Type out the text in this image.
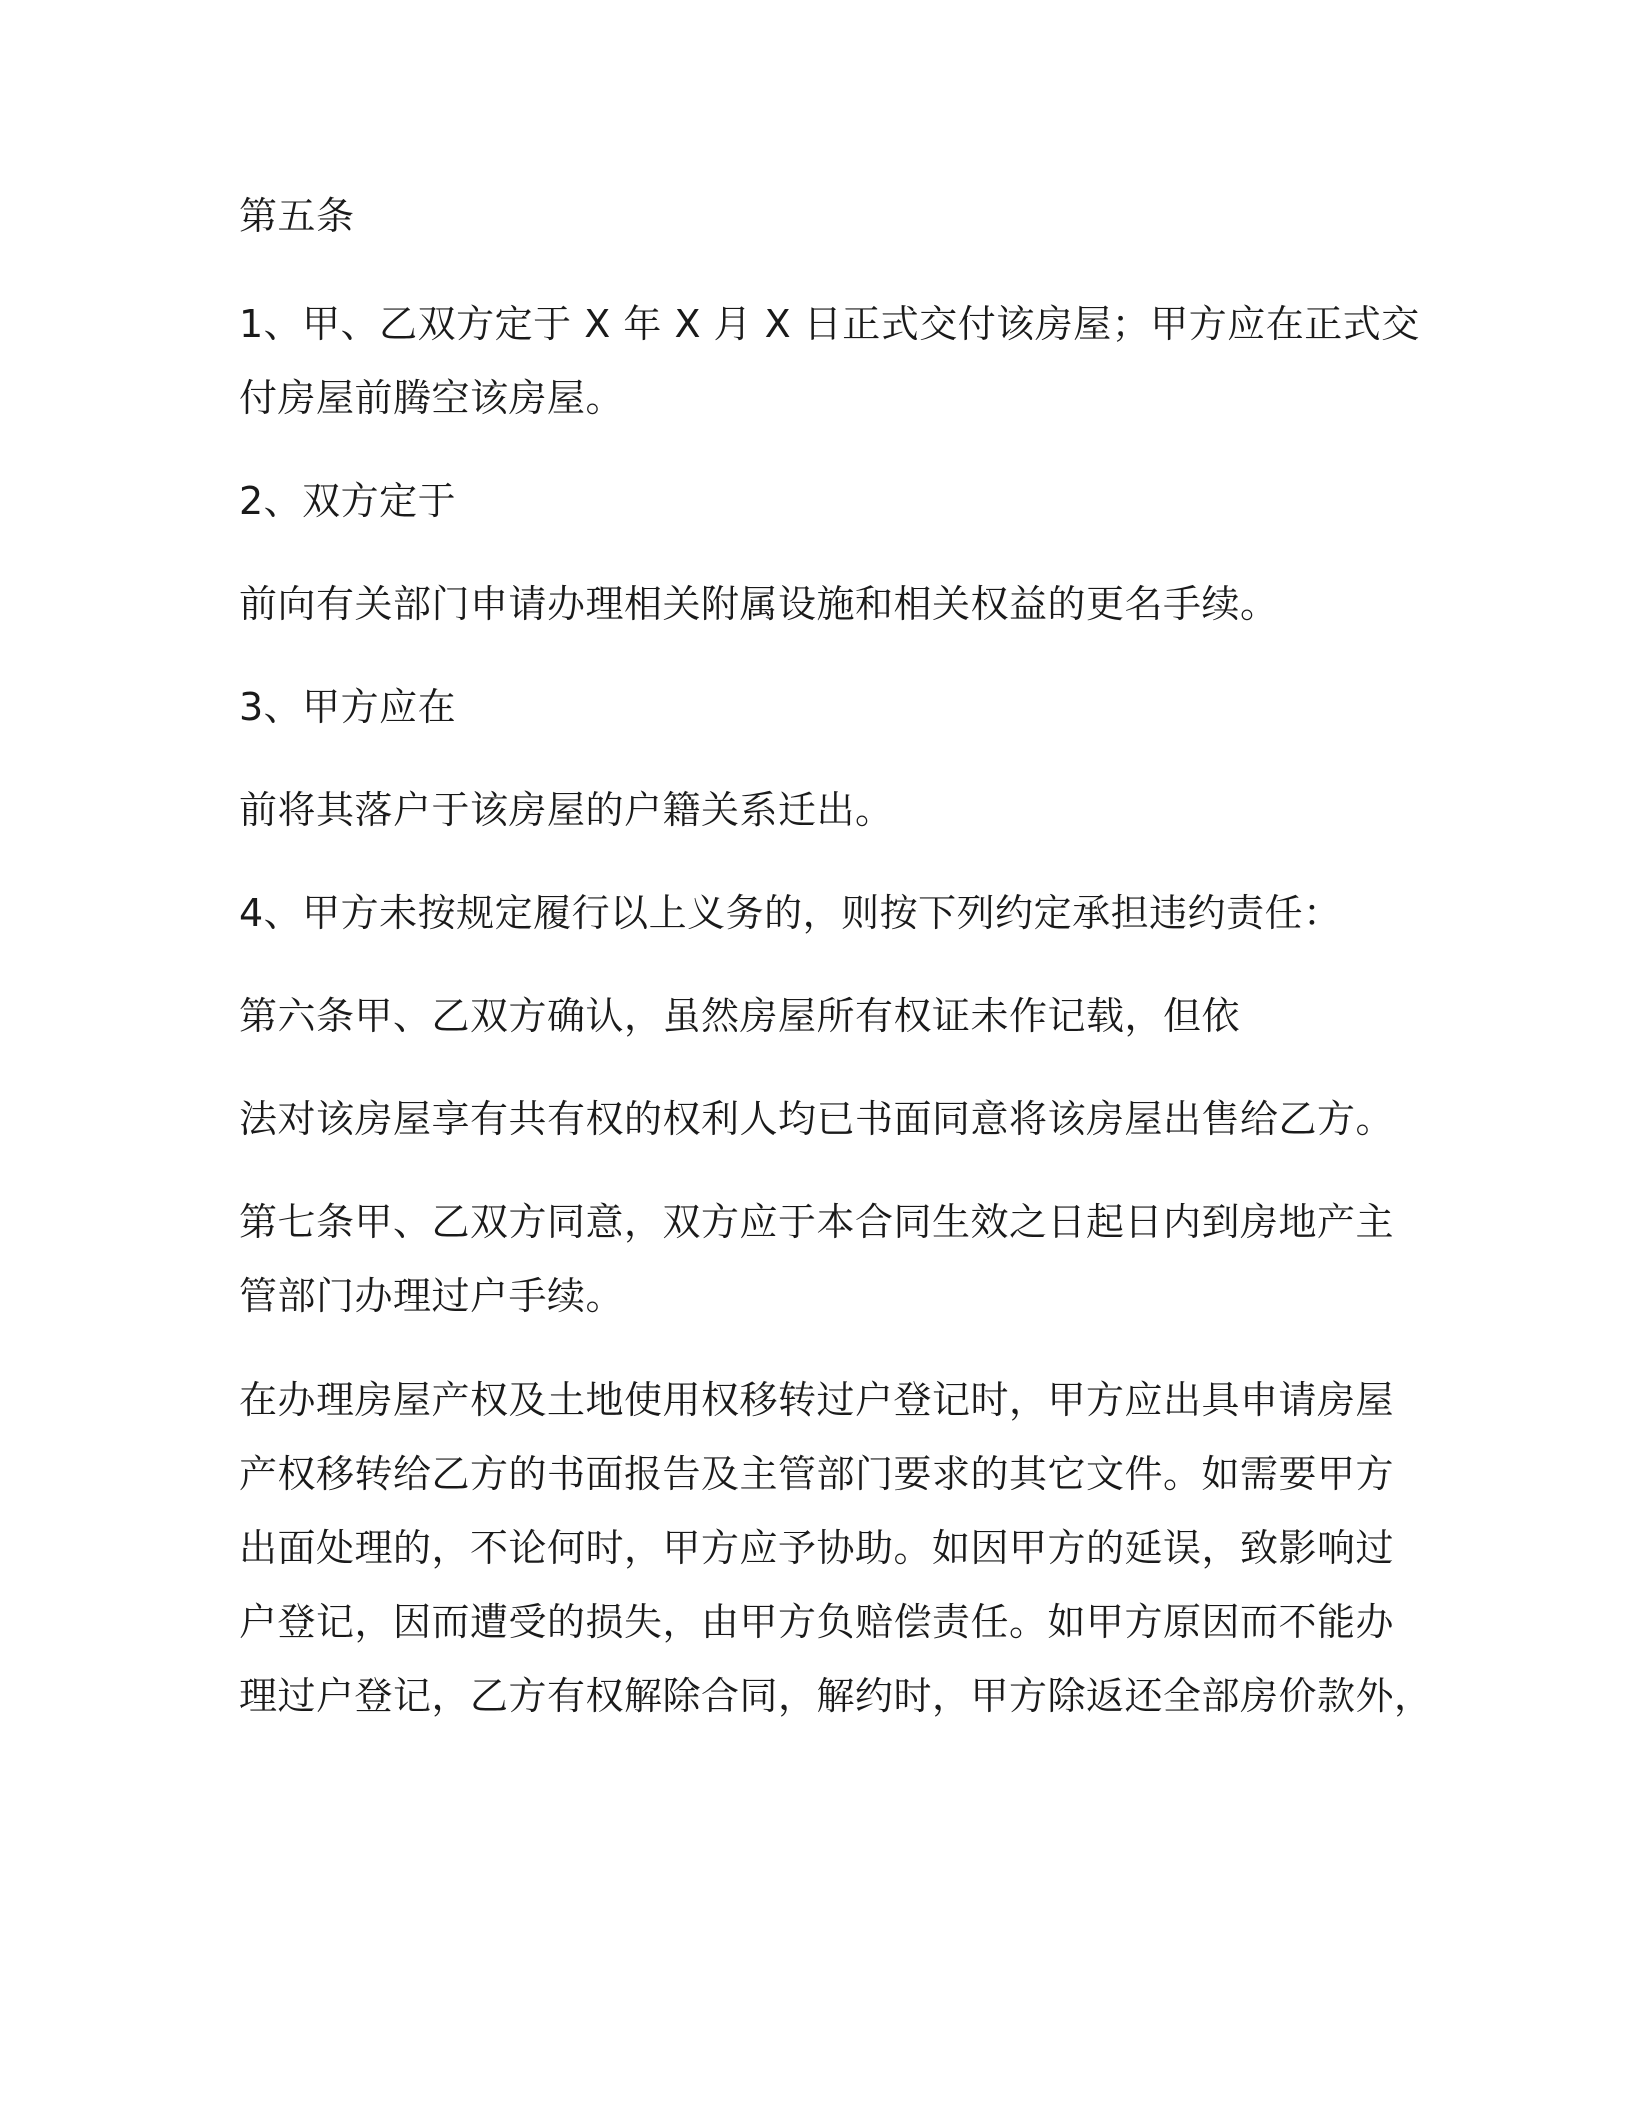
第五条
1、甲、乙双方定于 X 年 X 月 X 日正式交付该房屋；甲方应在正式交
付房屋前腾空该房屋。
2、双方定于
前向有关部门申请办理相关附属设施和相关权益的更名手续。
3、甲方应在
前将其落户于该房屋的户籍关系迁出。
4、甲方未按规定履行以上义务的，则按下列约定承担违约责任：
第六条甲、乙双方确认，虽然房屋所有权证未作记载，但依
法对该房屋享有共有权的权利人均已书面同意将该房屋出售给乙方。
第七条甲、乙双方同意，双方应于本合同生效之日起日内到房地产主
管部门办理过户手续。
在办理房屋产权及土地使用权移转过户登记时，甲方应出具申请房屋
产权移转给乙方的书面报告及主管部门要求的其它文件。如需要甲方
出面处理的，不论何时，甲方应予协助。如因甲方的延误，致影响过
户登记，因而遭受的损失，由甲方负赔偿责任。如甲方原因而不能办
理过户登记，乙方有权解除合同，解约时，甲方除返还全部房价款外，
